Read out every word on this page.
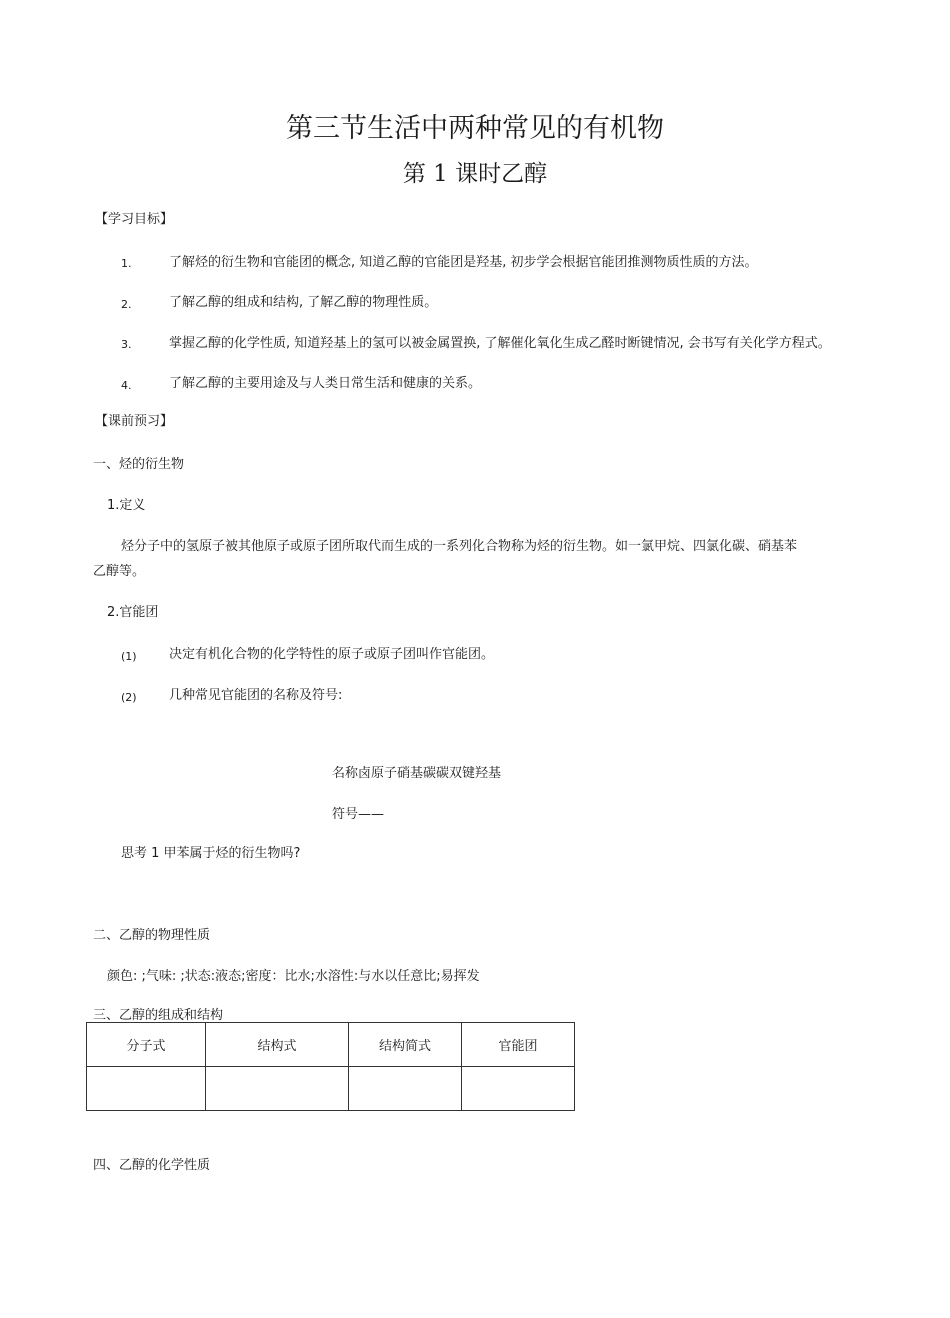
第三节生活中两种常见的有机物
第 1 课时乙醇
【学习目标】
1.	了解烃的衍生物和官能团的概念, 知道乙醇的官能团是羟基, 初步学会根据官能团推测物质性质的方法。
2.	了解乙醇的组成和结构, 了解乙醇的物理性质。
3.	掌握乙醇的化学性质, 知道羟基上的氢可以被金属置换, 了解催化氧化生成乙醛时断键情况, 会书写有关化学方程式。
4.	了解乙醇的主要用途及与人类日常生活和健康的关系。
【课前预习】
一、烃的衍生物
1.定义
烃分子中的氢原子被其他原子或原子团所取代而生成的一系列化合物称为烃的衍生物。如一氯甲烷、四氯化碳、硝基苯
乙醇等。
2.官能团
(1) 决定有机化合物的化学特性的原子或原子团叫作官能团。
(2) 几种常见官能团的名称及符号:
名称卤原子硝基碳碳双键羟基
符号——
思考 1 甲苯属于烃的衍生物吗?
二、乙醇的物理性质
颜色: ;气味: ;状态:液态;密度：比水;水溶性:与水以任意比;易挥发
三、乙醇的组成和结构
分子式	结构式	结构简式	官能团

四、乙醇的化学性质
